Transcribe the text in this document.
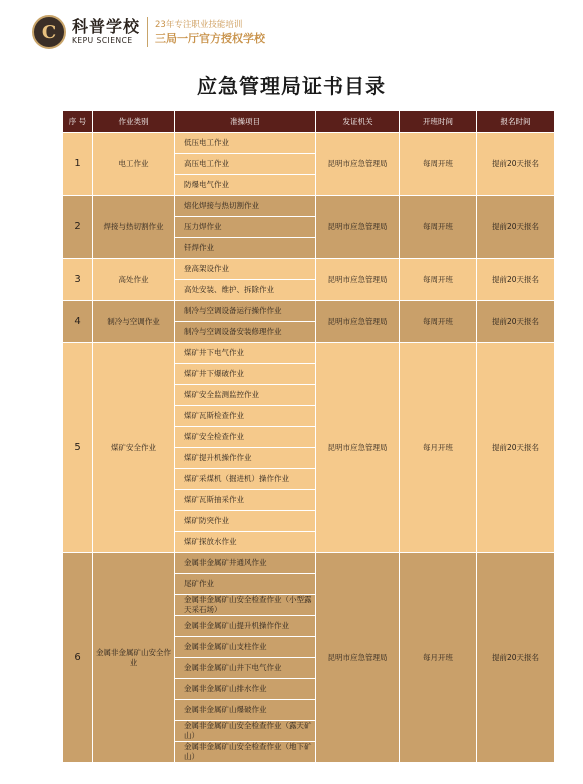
C 科普学校
KEPU SCIENCE
23年专注职业技能培训
三局一厅官方授权学校
应急管理局证书目录
序 号	作业类别	准操项目	发证机关	开班时间	报名时间
1	电工作业	低压电工作业	昆明市应急管理局	每周开班	提前20天报名
		高压电工作业			
		防爆电气作业			
2	焊接与热切割作业	熔化焊接与热切割作业	昆明市应急管理局	每周开班	提前20天报名
		压力焊作业			
		钎焊作业			
3	高处作业	登高架设作业	昆明市应急管理局	每周开班	提前20天报名
		高处安装、维护、拆除作业			
4	制冷与空调作业	制冷与空调设备运行操作作业	昆明市应急管理局	每周开班	提前20天报名
		制冷与空调设备安装修理作业			
5	煤矿安全作业	煤矿井下电气作业	昆明市应急管理局	每月开班	提前20天报名
		煤矿井下爆破作业			
		煤矿安全监测监控作业			
		煤矿瓦斯检查作业			
		煤矿安全检查作业			
		煤矿提升机操作作业			
		煤矿采煤机（掘进机）操作作业			
		煤矿瓦斯抽采作业			
		煤矿防突作业			
		煤矿探放水作业			
6	金属非金属矿山安全作业	金属非金属矿井通风作业	昆明市应急管理局	每月开班	提前20天报名
		尾矿作业			
		金属非金属矿山安全检查作业（小型露天采石场）			
		金属非金属矿山提升机操作作业			
		金属非金属矿山支柱作业			
		金属非金属矿山井下电气作业			
		金属非金属矿山排水作业			
		金属非金属矿山爆破作业			
		金属非金属矿山安全检查作业（露天矿山）			
		金属非金属矿山安全检查作业（地下矿山）			
